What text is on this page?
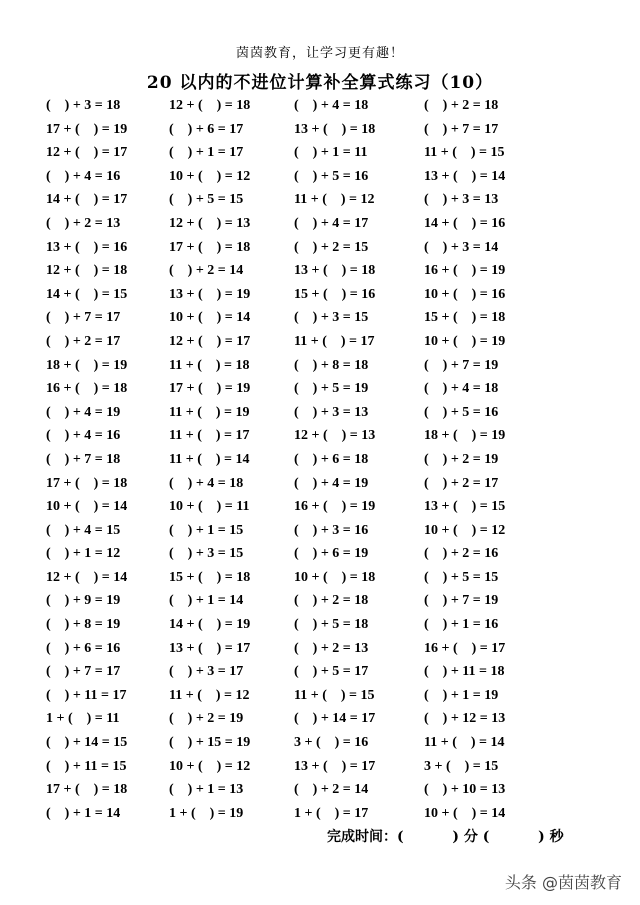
茵茵教育，让学习更有趣！
20 以内的不进位计算补全算式练习（10）
(    ) + 3 = 18	12 + (    ) = 18	(    ) + 4 = 18	(    ) + 2 = 18
17 + (    ) = 19	(    ) + 6 = 17	13 + (    ) = 18	(    ) + 7 = 17
12 + (    ) = 17	(    ) + 1 = 17	(    ) + 1 = 11	11 + (    ) = 15
(    ) + 4 = 16	10 + (    ) = 12	(    ) + 5 = 16	13 + (    ) = 14
14 + (    ) = 17	(    ) + 5 = 15	11 + (    ) = 12	(    ) + 3 = 13
(    ) + 2 = 13	12 + (    ) = 13	(    ) + 4 = 17	14 + (    ) = 16
13 + (    ) = 16	17 + (    ) = 18	(    ) + 2 = 15	(    ) + 3 = 14
12 + (    ) = 18	(    ) + 2 = 14	13 + (    ) = 18	16 + (    ) = 19
14 + (    ) = 15	13 + (    ) = 19	15 + (    ) = 16	10 + (    ) = 16
(    ) + 7 = 17	10 + (    ) = 14	(    ) + 3 = 15	15 + (    ) = 18
(    ) + 2 = 17	12 + (    ) = 17	11 + (    ) = 17	10 + (    ) = 19
18 + (    ) = 19	11 + (    ) = 18	(    ) + 8 = 18	(    ) + 7 = 19
16 + (    ) = 18	17 + (    ) = 19	(    ) + 5 = 19	(    ) + 4 = 18
(    ) + 4 = 19	11 + (    ) = 19	(    ) + 3 = 13	(    ) + 5 = 16
(    ) + 4 = 16	11 + (    ) = 17	12 + (    ) = 13	18 + (    ) = 19
(    ) + 7 = 18	11 + (    ) = 14	(    ) + 6 = 18	(    ) + 2 = 19
17 + (    ) = 18	(    ) + 4 = 18	(    ) + 4 = 19	(    ) + 2 = 17
10 + (    ) = 14	10 + (    ) = 11	16 + (    ) = 19	13 + (    ) = 15
(    ) + 4 = 15	(    ) + 1 = 15	(    ) + 3 = 16	10 + (    ) = 12
(    ) + 1 = 12	(    ) + 3 = 15	(    ) + 6 = 19	(    ) + 2 = 16
12 + (    ) = 14	15 + (    ) = 18	10 + (    ) = 18	(    ) + 5 = 15
(    ) + 9 = 19	(    ) + 1 = 14	(    ) + 2 = 18	(    ) + 7 = 19
(    ) + 8 = 19	14 + (    ) = 19	(    ) + 5 = 18	(    ) + 1 = 16
(    ) + 6 = 16	13 + (    ) = 17	(    ) + 2 = 13	16 + (    ) = 17
(    ) + 7 = 17	(    ) + 3 = 17	(    ) + 5 = 17	(    ) + 11 = 18
(    ) + 11 = 17	11 + (    ) = 12	11 + (    ) = 15	(    ) + 1 = 19
1 + (    ) = 11	(    ) + 2 = 19	(    ) + 14 = 17	(    ) + 12 = 13
(    ) + 14 = 15	(    ) + 15 = 19	3 + (    ) = 16	11 + (    ) = 14
(    ) + 11 = 15	10 + (    ) = 12	13 + (    ) = 17	3 + (    ) = 15
17 + (    ) = 18	(    ) + 1 = 13	(    ) + 2 = 14	(    ) + 10 = 13
(    ) + 1 = 14	1 + (    ) = 19	1 + (    ) = 17	10 + (    ) = 14
完成时间：(          ) 分 (          ) 秒
头条 @茵茵教育
